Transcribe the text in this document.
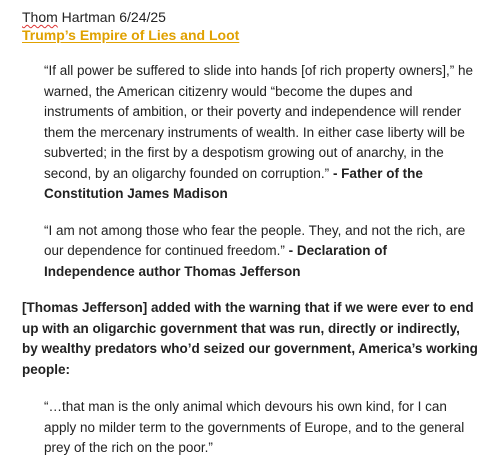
Thom Hartman 6/24/25

Trump’s Empire of Lies and Loot

“If all power be suffered to slide into hands [of rich property owners],” he warned, the American citizenry would “become the dupes and instruments of ambition, or their poverty and independence will render them the mercenary instruments of wealth. In either case liberty will be subverted; in the first by a despotism growing out of anarchy, in the second, by an oligarchy founded on corruption.” - Father of the Constitution James Madison

“I am not among those who fear the people. They, and not the rich, are our dependence for continued freedom.” - Declaration of Independence author Thomas Jefferson

[Thomas Jefferson] added with the warning that if we were ever to end up with an oligarchic government that was run, directly or indirectly, by wealthy predators who’d seized our government, America’s working people:

“…that man is the only animal which devours his own kind, for I can apply no milder term to the governments of Europe, and to the general prey of the rich on the poor.”
